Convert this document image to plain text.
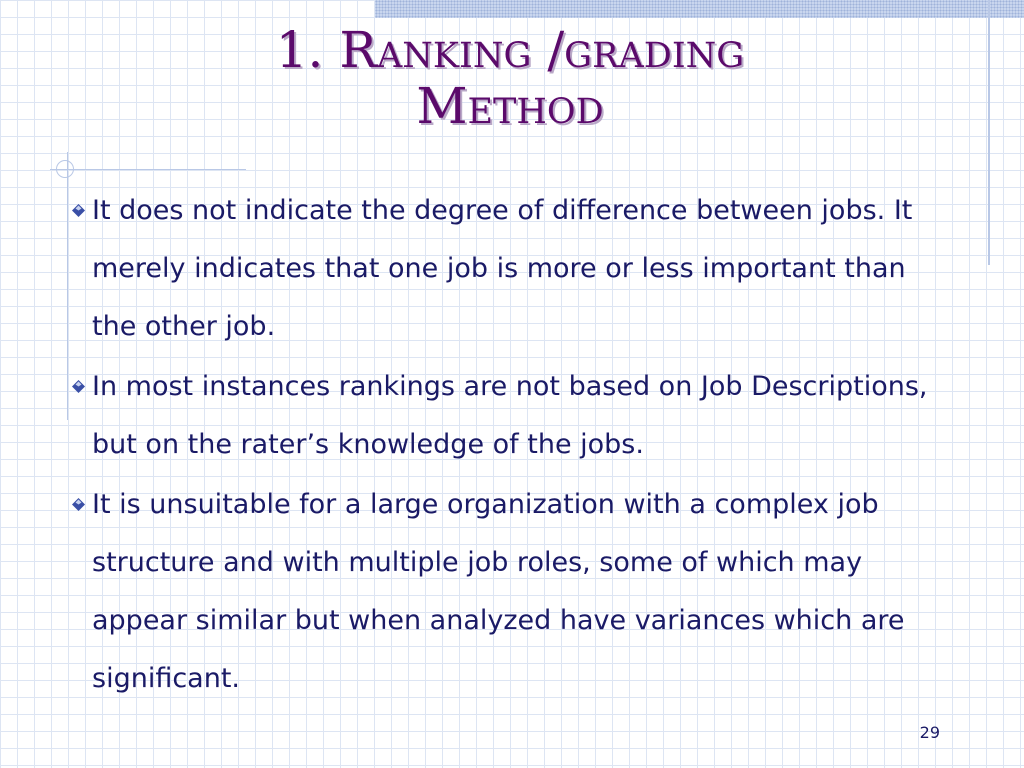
1. Ranking /grading
Method
It does not indicate the degree of difference between jobs. It merely indicates that one job is more or less important than the other job.
In most instances rankings are not based on Job Descriptions, but on the rater’s knowledge of the jobs.
It is unsuitable for a large organization with a complex job structure and with multiple job roles, some of which may appear similar but when analyzed have variances which are significant.
29
